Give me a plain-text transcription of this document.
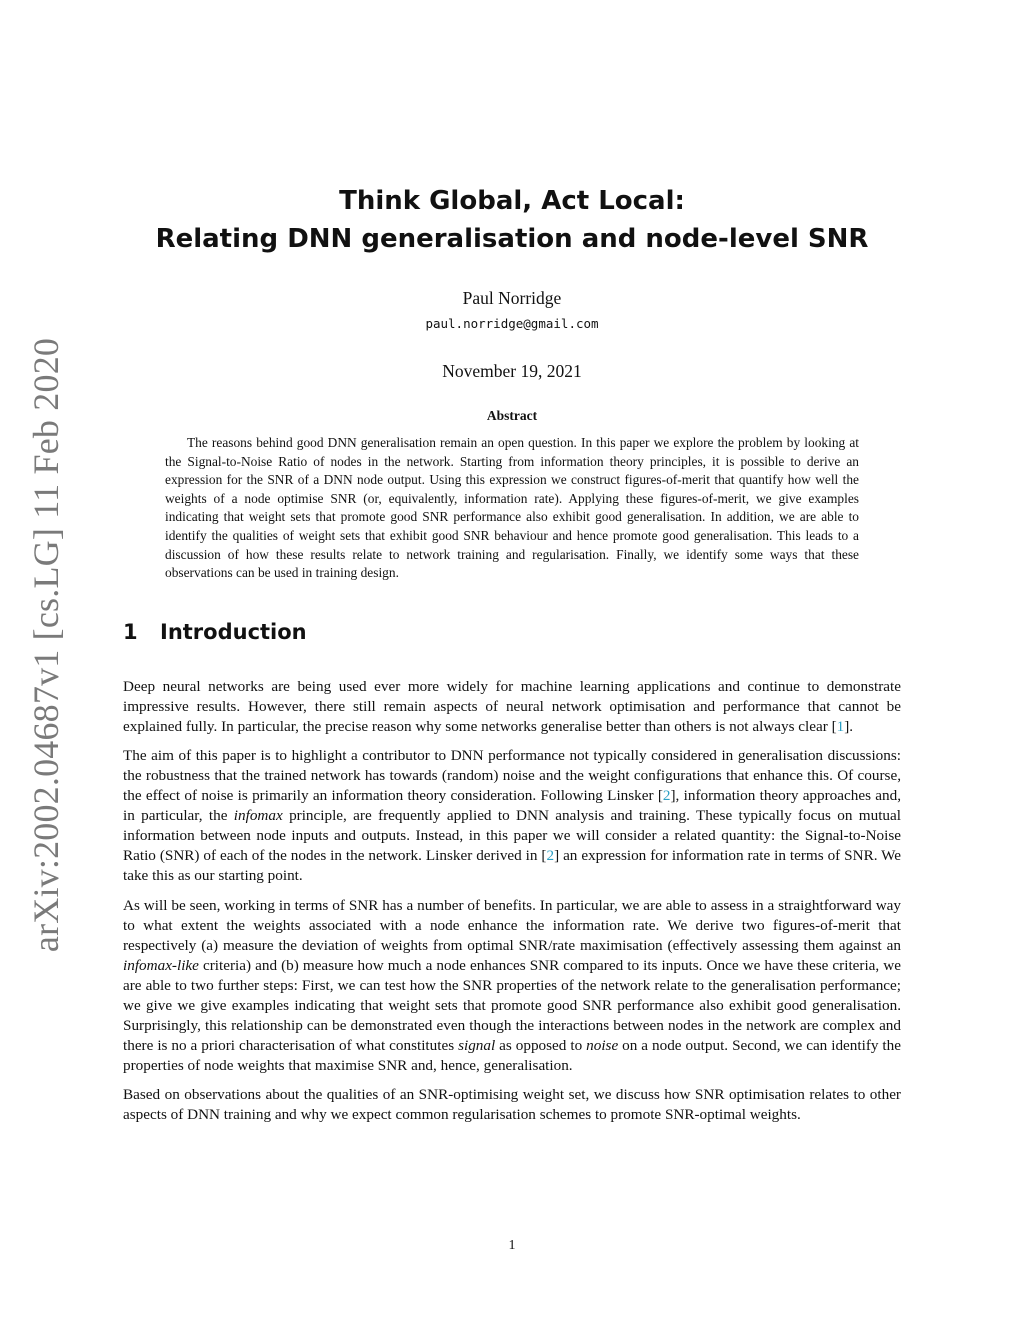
arXiv:2002.04687v1 [cs.LG] 11 Feb 2020
Think Global, Act Local:
Relating DNN generalisation and node-level SNR
Paul Norridge
paul.norridge@gmail.com
November 19, 2021
Abstract
The reasons behind good DNN generalisation remain an open question. In this paper we explore the problem by looking at the Signal-to-Noise Ratio of nodes in the network. Starting from information theory principles, it is possible to derive an expression for the SNR of a DNN node output. Using this expression we construct figures-of-merit that quantify how well the weights of a node optimise SNR (or, equivalently, information rate). Applying these figures-of-merit, we give examples indicating that weight sets that promote good SNR performance also exhibit good generalisation. In addition, we are able to identify the qualities of weight sets that exhibit good SNR behaviour and hence promote good generalisation. This leads to a discussion of how these results relate to network training and regularisation. Finally, we identify some ways that these observations can be used in training design.
1 Introduction

Deep neural networks are being used ever more widely for machine learning applications and continue to demonstrate impressive results. However, there still remain aspects of neural network optimisation and performance that cannot be explained fully. In particular, the precise reason why some networks generalise better than others is not always clear [1].

The aim of this paper is to highlight a contributor to DNN performance not typically considered in generalisation discussions: the robustness that the trained network has towards (random) noise and the weight configurations that enhance this. Of course, the effect of noise is primarily an information theory consideration. Following Linsker [2], information theory approaches and, in particular, the infomax principle, are frequently applied to DNN analysis and training. These typically focus on mutual information between node inputs and outputs. Instead, in this paper we will consider a related quantity: the Signal-to-Noise Ratio (SNR) of each of the nodes in the network. Linsker derived in [2] an expression for information rate in terms of SNR. We take this as our starting point.

As will be seen, working in terms of SNR has a number of benefits. In particular, we are able to assess in a straightforward way to what extent the weights associated with a node enhance the information rate. We derive two figures-of-merit that respectively (a) measure the deviation of weights from optimal SNR/rate maximisation (effectively assessing them against an infomax-like criteria) and (b) measure how much a node enhances SNR compared to its inputs. Once we have these criteria, we are able to two further steps: First, we can test how the SNR properties of the network relate to the generalisation performance; we give we give examples indicating that weight sets that promote good SNR performance also exhibit good generalisation. Surprisingly, this relationship can be demonstrated even though the interactions between nodes in the network are complex and there is no a priori characterisation of what constitutes signal as opposed to noise on a node output. Second, we can identify the properties of node weights that maximise SNR and, hence, generalisation.

Based on observations about the qualities of an SNR-optimising weight set, we discuss how SNR optimisation relates to other aspects of DNN training and why we expect common regularisation schemes to promote SNR-optimal weights.

1
